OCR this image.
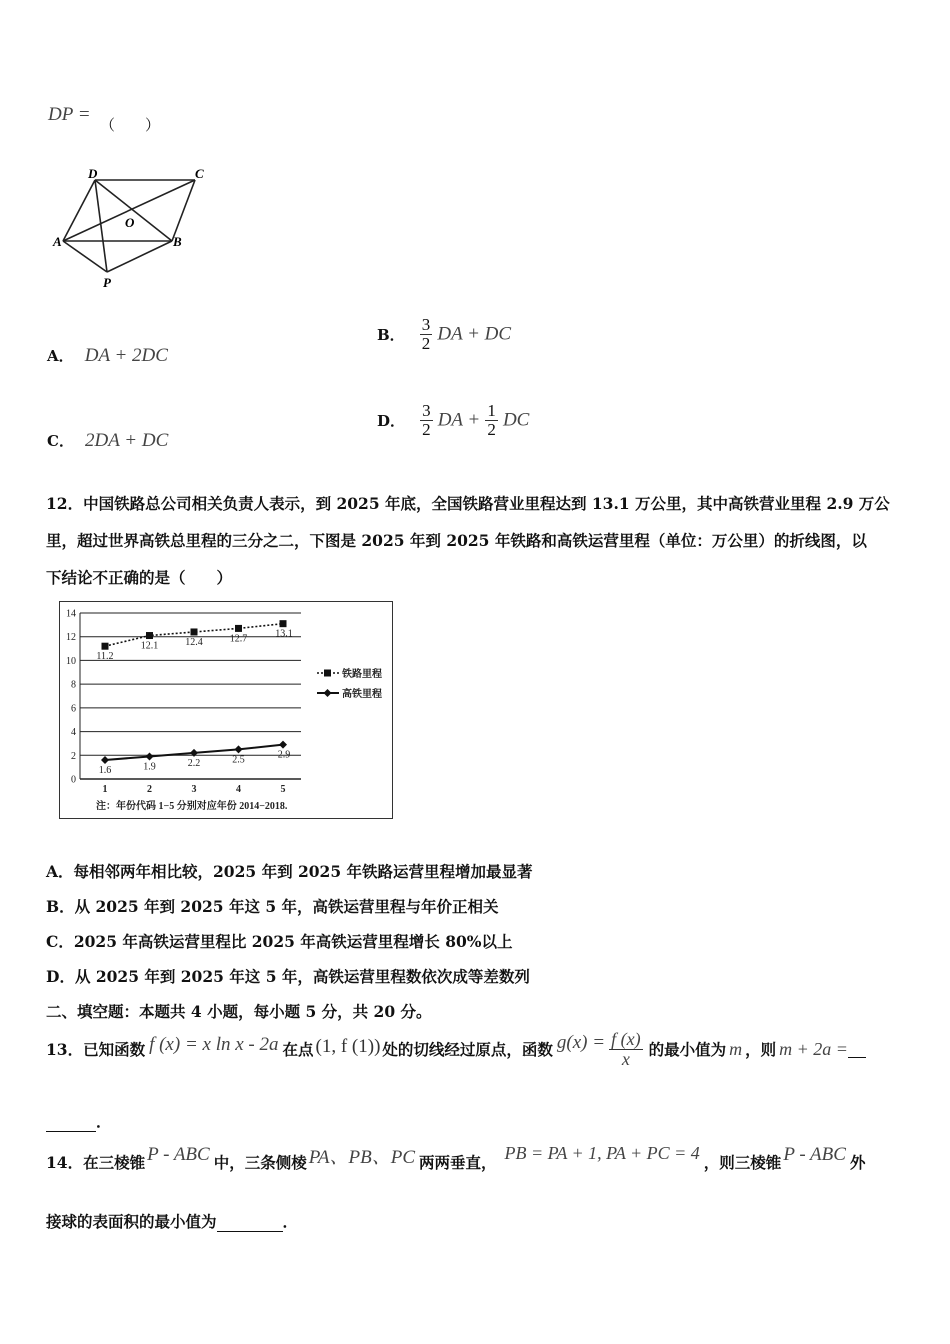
DP = （　　）
D	C
O
A	B
P
A． DA + 2DC
B． $\frac{3}{2}$ DA + DC
C． 2DA + DC
D． $\frac{3}{2}$ DA + $\frac{1}{2}$ DC
12．中国铁路总公司相关负责人表示，到 2025 年底，全国铁路营业里程达到 13.1 万公里，其中高铁营业里程 2.9 万公
里，超过世界高铁总里程的三分之二，下图是 2025 年到 2025 年铁路和高铁运营里程（单位：万公里）的折线图，以
下结论不正确的是（　　）
0
2
4
6
8
10
12
14
1	2	3	4	5
11.2
12.1	12.4	12.7	13.1
1.6	1.9	2.2	2.5	2.9
铁路里程
高铁里程
注：年份代码 1−5 分别对应年份 2014−2018.
A．每相邻两年相比较，2025 年到 2025 年铁路运营里程增加最显著
B．从 2025 年到 2025 年这 5 年，高铁运营里程与年价正相关
C．2025 年高铁运营里程比 2025 年高铁运营里程增长 80%以上
D．从 2025 年到 2025 年这 5 年，高铁运营里程数依次成等差数列
二、填空题：本题共 4 小题，每小题 5 分，共 20 分。
13．已知函数 f (x) = x ln x - 2a 在点 (1, f (1)) 处的切线经过原点，函数 $g(x) = \frac{f (x)}{x}$ 的最小值为 m ，则 m + 2a =
．
14．在三棱锥 P - ABC 中，三条侧棱 PA、PB、PC 两两垂直， PB = PA + 1, PA + PC = 4 ，则三棱锥 P - ABC 外
接球的表面积的最小值为	．
